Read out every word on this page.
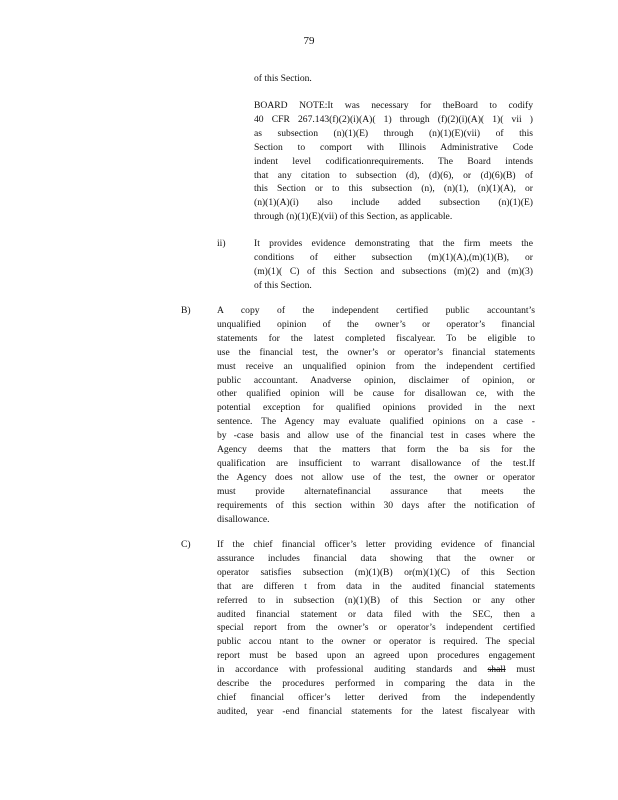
79
of this Section.
BOARD NOTE:It was necessary for theBoard to codify
40 CFR 267.143(f)(2)(i)(A)( 1) through (f)(2)(i)(A)( 1)( vii )
as subsection (n)(1)(E) through (n)(1)(E)(vii) of this
Section to comport with Illinois Administrative Code
indent level codificationrequirements. The Board intends
that any citation to subsection (d), (d)(6), or (d)(6)(B) of
this Section or to this subsection (n), (n)(1), (n)(1)(A), or
(n)(1)(A)(i) also include added subsection (n)(1)(E)
through (n)(1)(E)(vii) of this Section, as applicable.
ii)	It provides evidence demonstrating that the firm meets the
conditions of either subsection (m)(1)(A),(m)(1)(B), or
(m)(1)( C) of this Section and subsections (m)(2) and (m)(3)
of this Section.
B)	A copy of the independent certified public accountant’s
unqualified opinion of the owner’s or operator’s financial
statements for the latest completed fiscalyear. To be eligible to
use the financial test, the owner’s or operator’s financial statements
must receive an unqualified opinion from the independent certified
public accountant. Anadverse opinion, disclaimer of opinion, or
other qualified opinion will be cause for disallowan ce, with the
potential exception for qualified opinions provided in the next
sentence. The Agency may evaluate qualified opinions on a case -
by -case basis and allow use of the financial test in cases where the
Agency deems that the matters that form the ba sis for the
qualification are insufficient to warrant disallowance of the test.If
the Agency does not allow use of the test, the owner or operator
must provide alternatefinancial assurance that meets the
requirements of this section within 30 days after the notification of
disallowance.
C)	If the chief financial officer’s letter providing evidence of financial
assurance includes financial data showing that the owner or
operator satisfies subsection (m)(1)(B) or(m)(1)(C) of this Section
that are differen t from data in the audited financial statements
referred to in subsection (n)(1)(B) of this Section or any other
audited financial statement or data filed with the SEC, then a
special report from the owner’s or operator’s independent certified
public accou ntant to the owner or operator is required. The special
report must be based upon an agreed upon procedures engagement
in accordance with professional auditing standards and shall must
describe the procedures performed in comparing the data in the
chief financial officer’s letter derived from the independently
audited, year -end financial statements for the latest fiscalyear with
